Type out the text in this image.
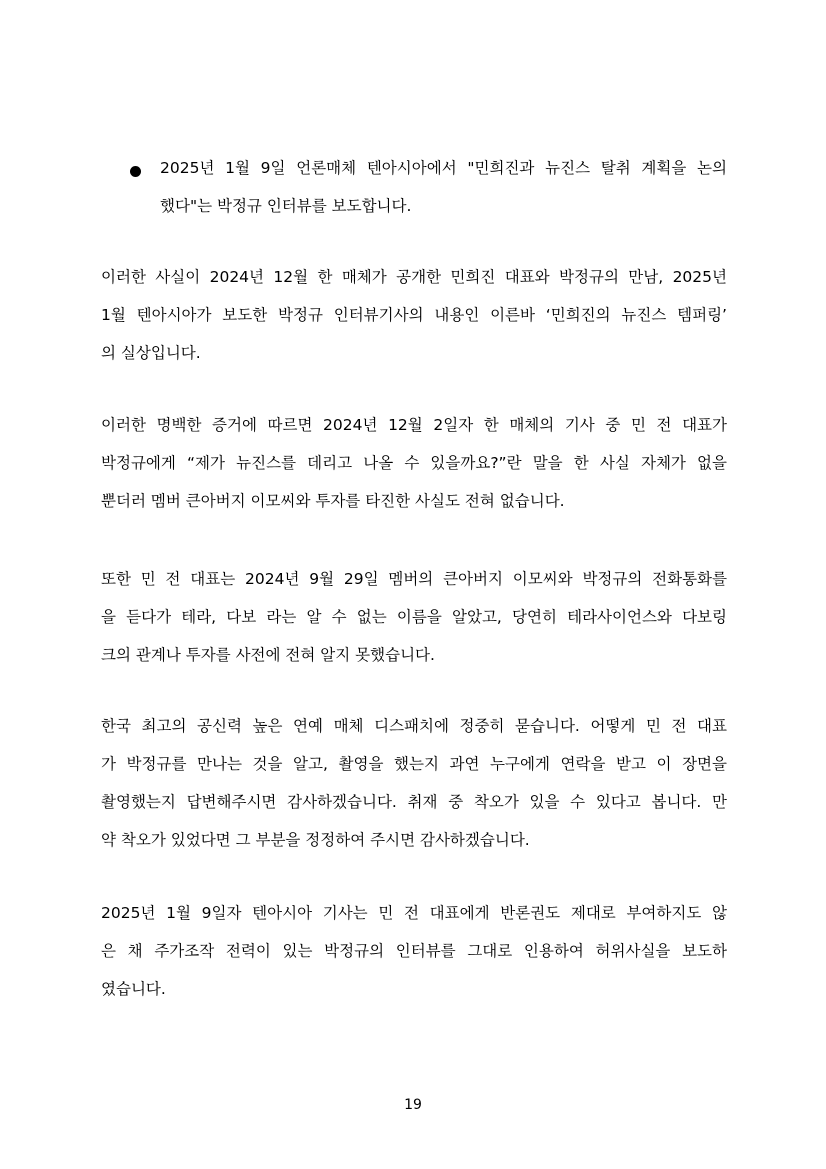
2025년 1월 9일 언론매체 텐아시아에서 "민희진과 뉴진스 탈취 계획을 논의
했다"는 박정규 인터뷰를 보도합니다.
이러한 사실이 2024년 12월 한 매체가 공개한 민희진 대표와 박정규의 만남, 2025년
1월 텐아시아가 보도한 박정규 인터뷰기사의 내용인 이른바 ‘민희진의 뉴진스 템퍼링’
의 실상입니다.
이러한 명백한 증거에 따르면 2024년 12월 2일자 한 매체의 기사 중 민 전 대표가
박정규에게 “제가 뉴진스를 데리고 나올 수 있을까요?”란 말을 한 사실 자체가 없을
뿐더러 멤버 큰아버지 이모씨와 투자를 타진한 사실도 전혀 없습니다.
또한 민 전 대표는 2024년 9월 29일 멤버의 큰아버지 이모씨와 박정규의 전화통화를
을 듣다가 테라, 다보 라는 알 수 없는 이름을 알았고, 당연히 테라사이언스와 다보링
크의 관계나 투자를 사전에 전혀 알지 못했습니다.
한국 최고의 공신력 높은 연예 매체 디스패치에 정중히 묻습니다. 어떻게 민 전 대표
가 박정규를 만나는 것을 알고, 촬영을 했는지 과연 누구에게 연락을 받고 이 장면을
촬영했는지 답변해주시면 감사하겠습니다. 취재 중 착오가 있을 수 있다고 봅니다. 만
약 착오가 있었다면 그 부분을 정정하여 주시면 감사하겠습니다.
2025년 1월 9일자 텐아시아 기사는 민 전 대표에게 반론권도 제대로 부여하지도 않
은 채 주가조작 전력이 있는 박정규의 인터뷰를 그대로 인용하여 허위사실을 보도하
였습니다.
19
